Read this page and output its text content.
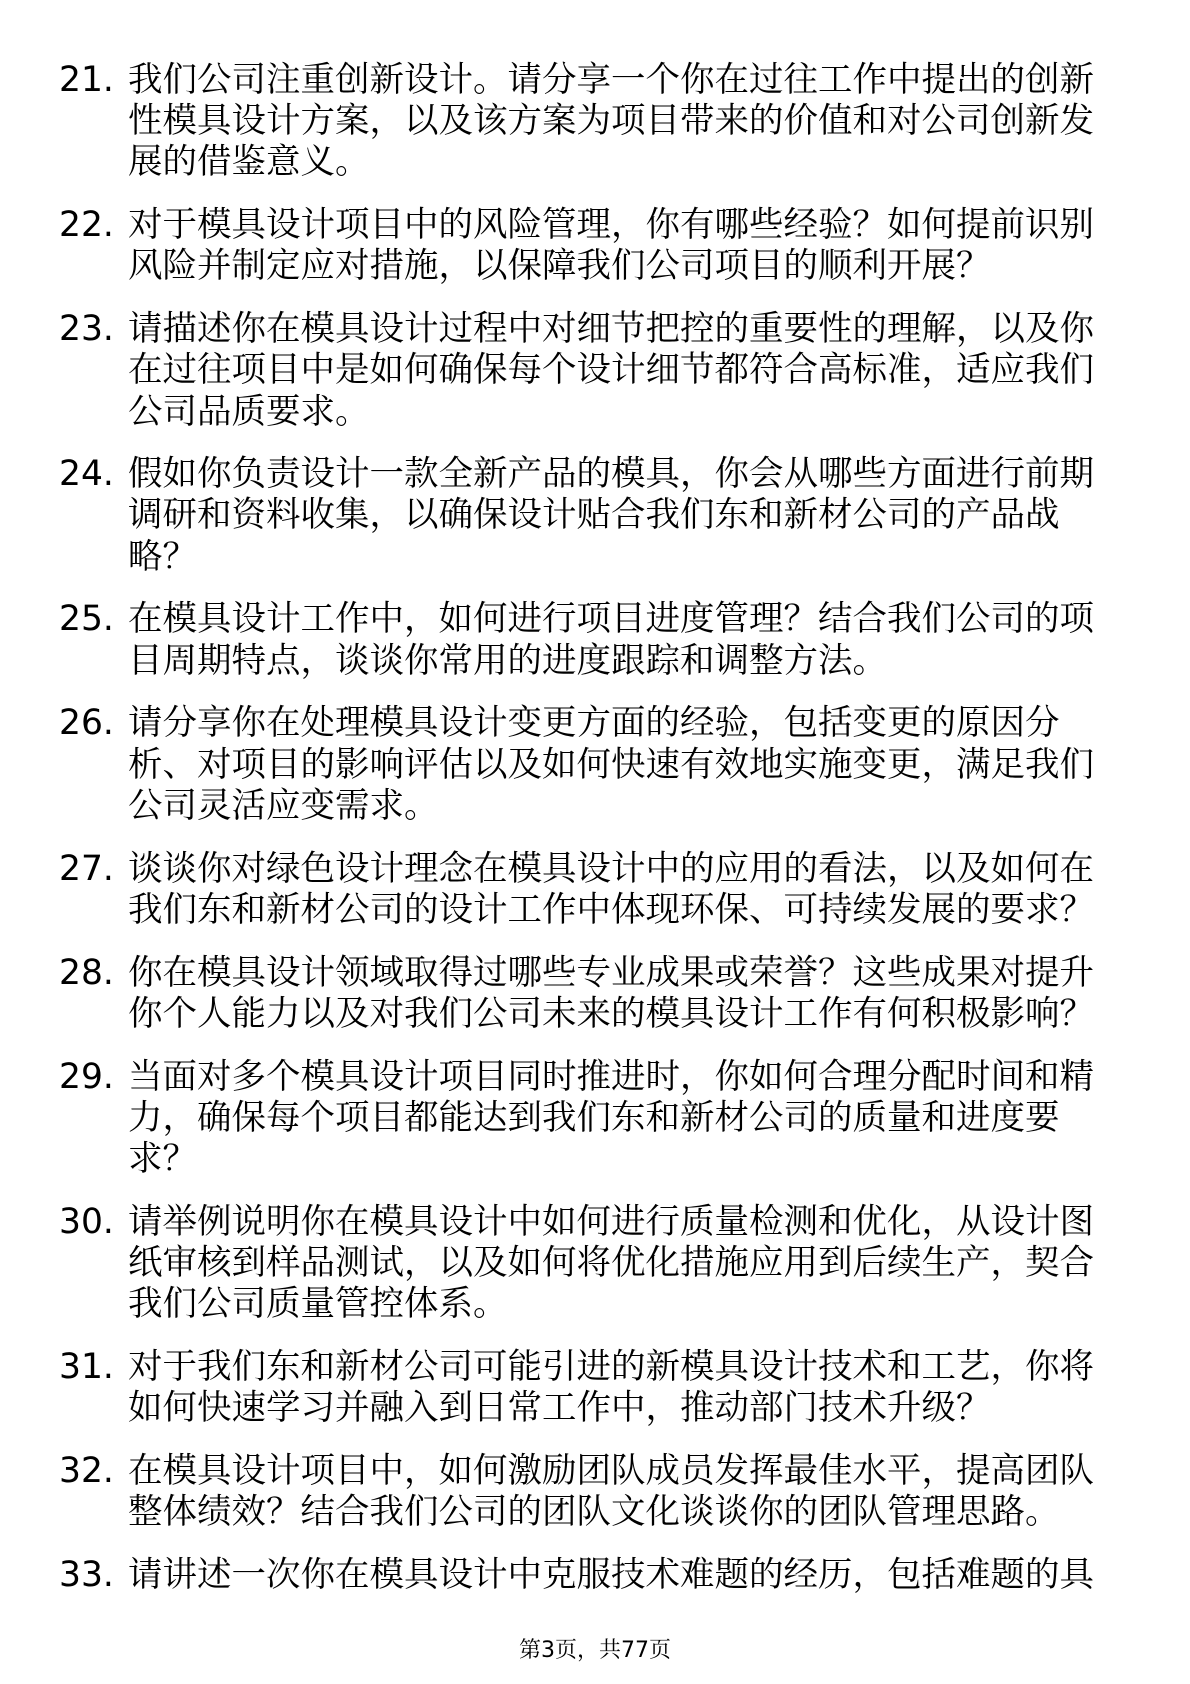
21. 我们公司注重创新设计。请分享一个你在过往工作中提出的创新
性模具设计方案，以及该方案为项目带来的价值和对公司创新发
展的借鉴意义。
22. 对于模具设计项目中的风险管理，你有哪些经验？如何提前识别
风险并制定应对措施，以保障我们公司项目的顺利开展？
23. 请描述你在模具设计过程中对细节把控的重要性的理解，以及你
在过往项目中是如何确保每个设计细节都符合高标准，适应我们
公司品质要求。
24. 假如你负责设计一款全新产品的模具，你会从哪些方面进行前期
调研和资料收集，以确保设计贴合我们东和新材公司的产品战
略？
25. 在模具设计工作中，如何进行项目进度管理？结合我们公司的项
目周期特点，谈谈你常用的进度跟踪和调整方法。
26. 请分享你在处理模具设计变更方面的经验，包括变更的原因分
析、对项目的影响评估以及如何快速有效地实施变更，满足我们
公司灵活应变需求。
27. 谈谈你对绿色设计理念在模具设计中的应用的看法，以及如何在
我们东和新材公司的设计工作中体现环保、可持续发展的要求？
28. 你在模具设计领域取得过哪些专业成果或荣誉？这些成果对提升
你个人能力以及对我们公司未来的模具设计工作有何积极影响？
29. 当面对多个模具设计项目同时推进时，你如何合理分配时间和精
力，确保每个项目都能达到我们东和新材公司的质量和进度要
求？
30. 请举例说明你在模具设计中如何进行质量检测和优化，从设计图
纸审核到样品测试，以及如何将优化措施应用到后续生产，契合
我们公司质量管控体系。
31. 对于我们东和新材公司可能引进的新模具设计技术和工艺，你将
如何快速学习并融入到日常工作中，推动部门技术升级？
32. 在模具设计项目中，如何激励团队成员发挥最佳水平，提高团队
整体绩效？结合我们公司的团队文化谈谈你的团队管理思路。
33. 请讲述一次你在模具设计中克服技术难题的经历，包括难题的具
第3页，共77页
